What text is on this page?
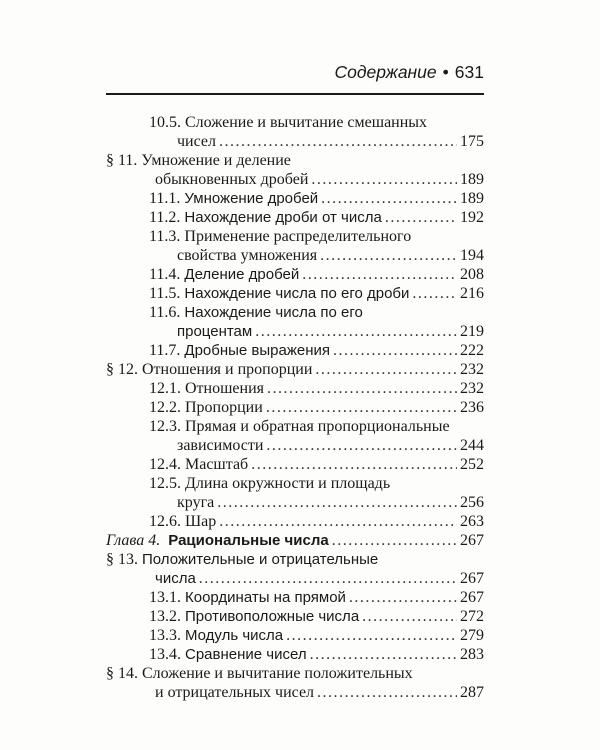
Содержание • 631
10.5. Сложение и вычитание смешанных
чисел .....	175
§ 11. Умножение и деление
обыкновенных дробей .....	189
11.1. Умножение дробей .....	189
11.2. Нахождение дроби от числа .....	192
11.3. Применение распределительного
свойства умножения .....	194
11.4. Деление дробей .....	208
11.5. Нахождение числа по его дроби .....	216
11.6. Нахождение числа по его
процентам .....	219
11.7. Дробные выражения .....	222
§ 12. Отношения и пропорции .....	232
12.1. Отношения .....	232
12.2. Пропорции .....	236
12.3. Прямая и обратная пропорциональные
зависимости .....	244
12.4. Масштаб .....	252
12.5. Длина окружности и площадь
круга .....	256
12.6. Шар .....	263
Глава 4. Рациональные числа .....	267
§ 13. Положительные и отрицательные
числа .....	267
13.1. Координаты на прямой .....	267
13.2. Противоположные числа .....	272
13.3. Модуль числа .....	279
13.4. Сравнение чисел .....	283
§ 14. Сложение и вычитание положительных
и отрицательных чисел .....	287
